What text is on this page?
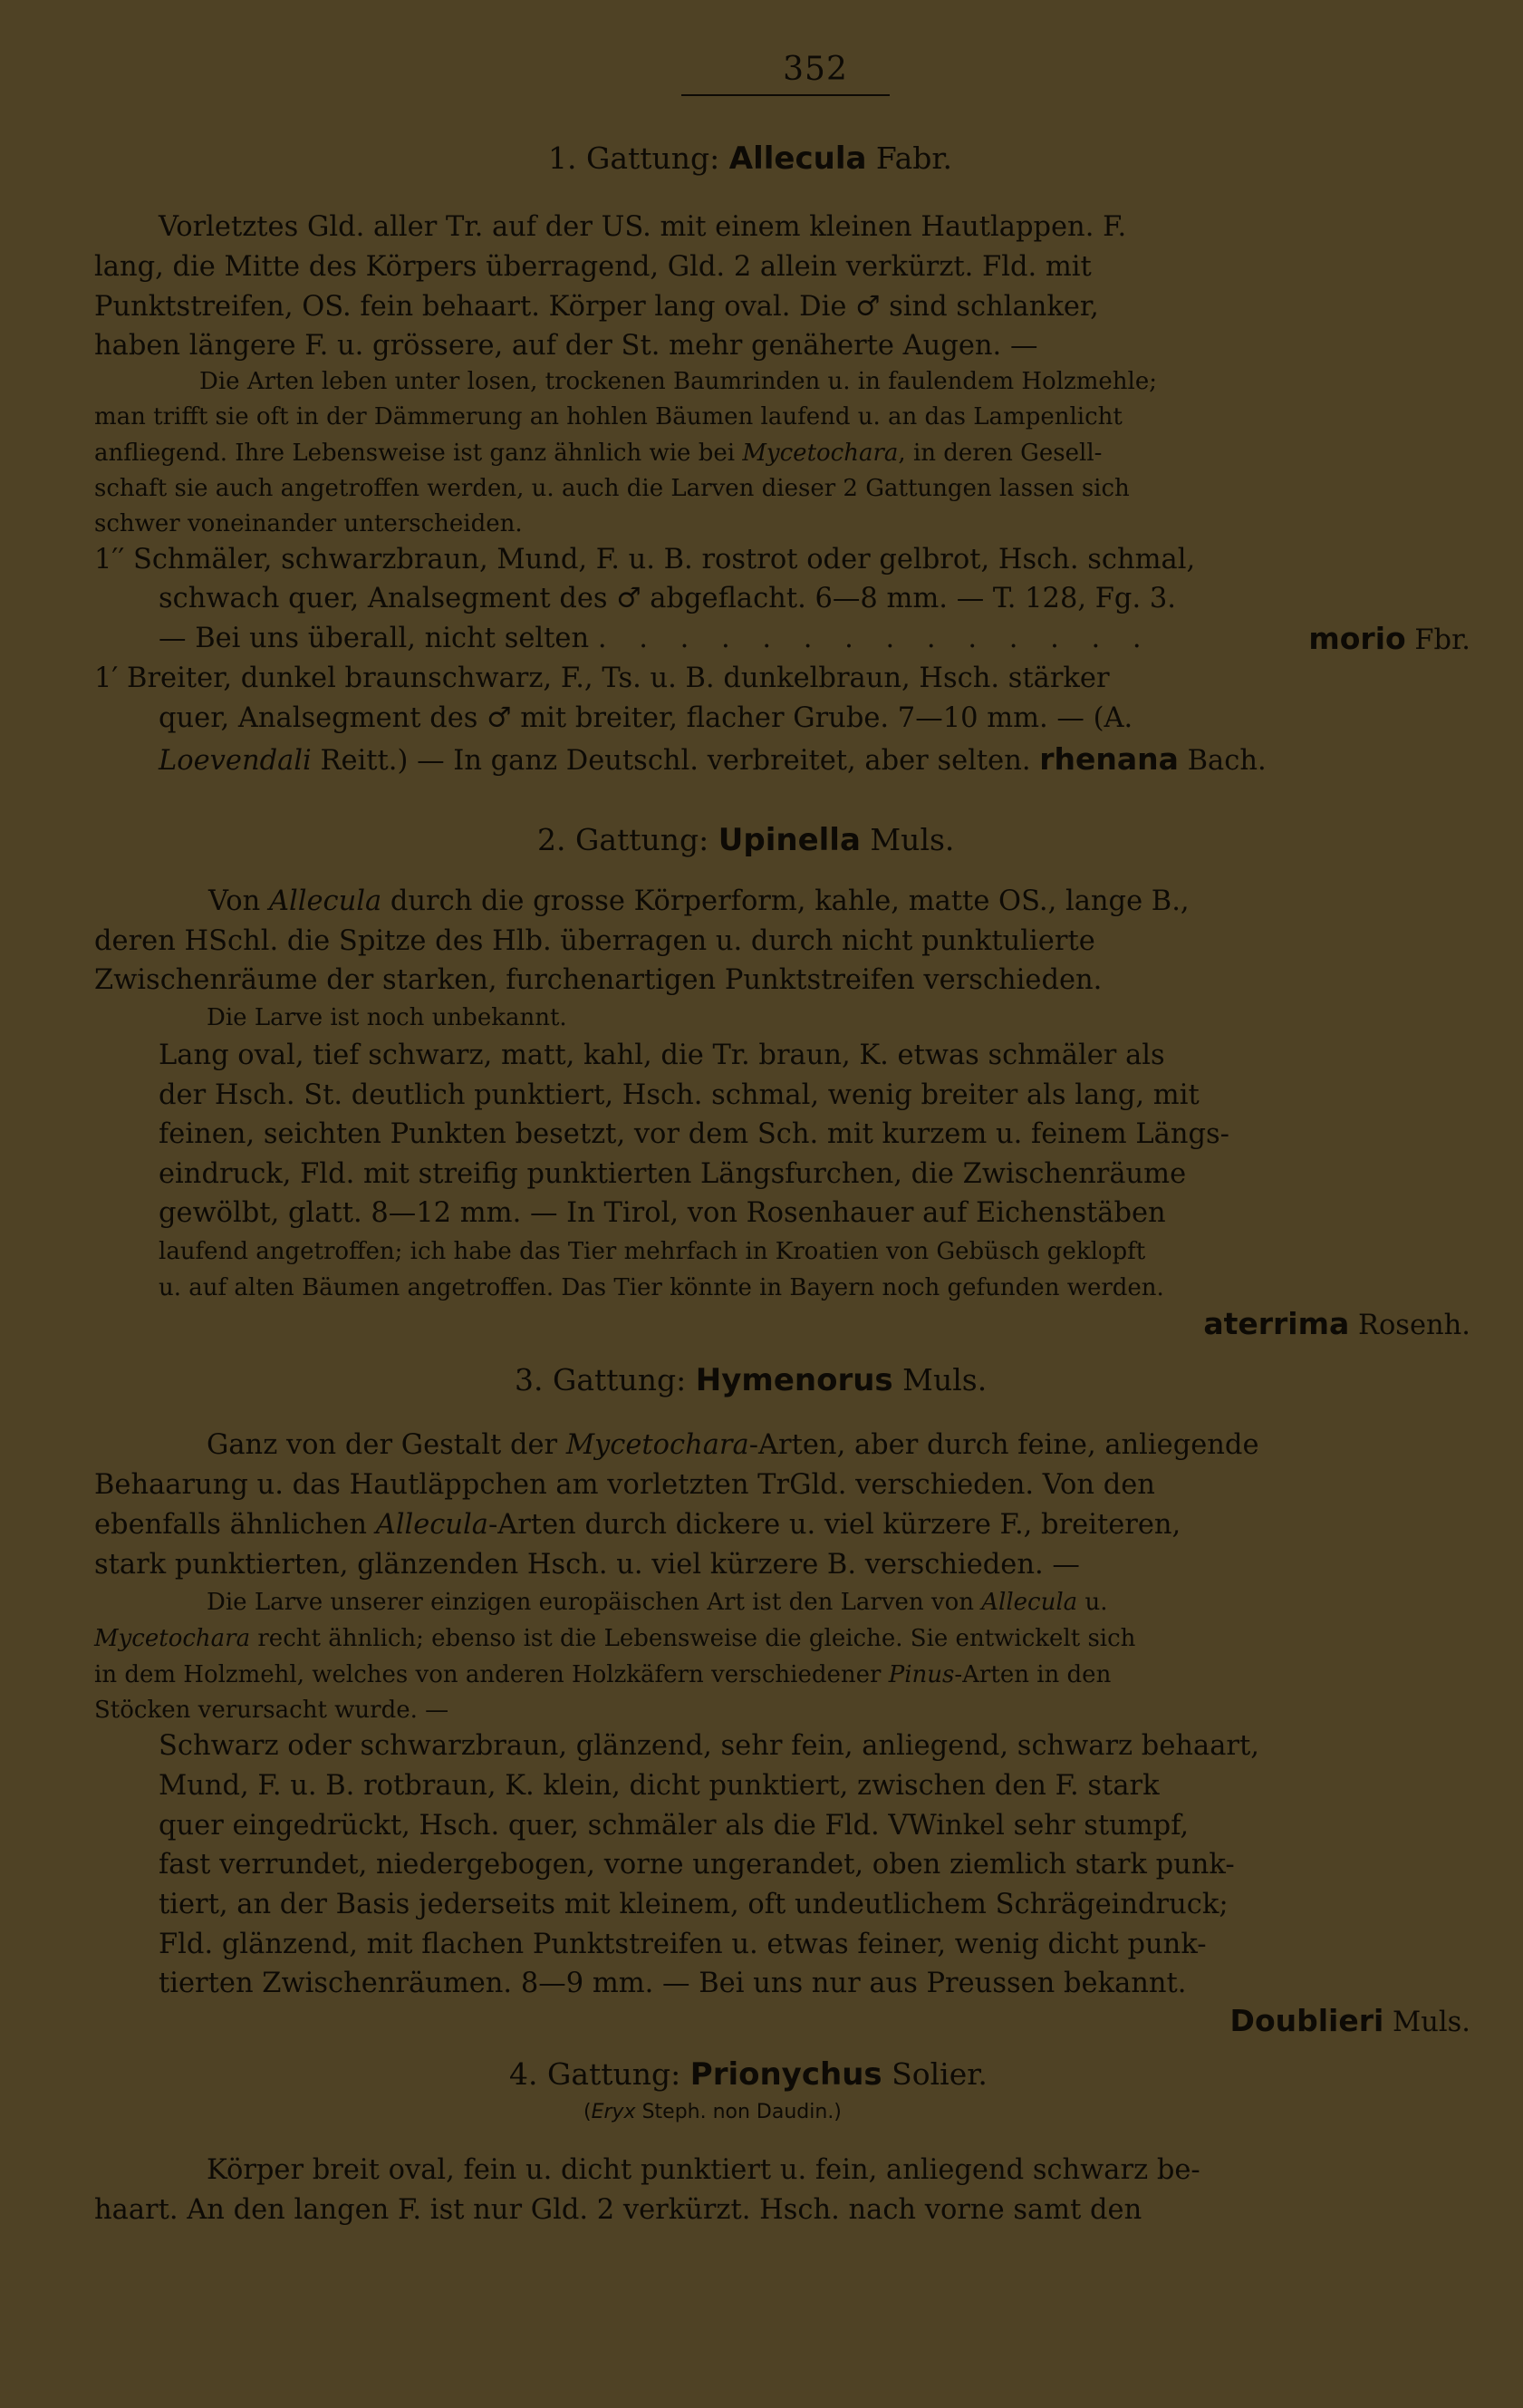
352
1. Gattung: Allecula Fabr.
Vorletztes Gld. aller Tr. auf der US. mit einem kleinen Hautlappen. F.
lang, die Mitte des Körpers überragend, Gld. 2 allein verkürzt. Fld. mit
Punktstreifen, OS. fein behaart. Körper lang oval. Die ♂ sind schlanker,
haben längere F. u. grössere, auf der St. mehr genäherte Augen. —
Die Arten leben unter losen, trockenen Baumrinden u. in faulendem Holzmehle;
man trifft sie oft in der Dämmerung an hohlen Bäumen laufend u. an das Lampenlicht
anfliegend. Ihre Lebensweise ist ganz ähnlich wie bei Mycetochara, in deren Gesell-
schaft sie auch angetroffen werden, u. auch die Larven dieser 2 Gattungen lassen sich
schwer voneinander unterscheiden.
1′′ Schmäler, schwarzbraun, Mund, F. u. B. rostrot oder gelbrot, Hsch. schmal,
schwach quer, Analsegment des ♂ abgeflacht. 6—8 mm. — T. 128, Fg. 3.
— Bei uns überall, nicht selten . . . . . . . . . . . . . .	morio Fbr.
1′ Breiter, dunkel braunschwarz, F., Ts. u. B. dunkelbraun, Hsch. stärker
quer, Analsegment des ♂ mit breiter, flacher Grube. 7—10 mm. — (A.
Loevendali Reitt.) — In ganz Deutschl. verbreitet, aber selten. rhenana Bach.
2. Gattung: Upinella Muls.
Von Allecula durch die grosse Körperform, kahle, matte OS., lange B.,
deren HSchl. die Spitze des Hlb. überragen u. durch nicht punktulierte
Zwischenräume der starken, furchenartigen Punktstreifen verschieden.
Die Larve ist noch unbekannt.
Lang oval, tief schwarz, matt, kahl, die Tr. braun, K. etwas schmäler als
der Hsch. St. deutlich punktiert, Hsch. schmal, wenig breiter als lang, mit
feinen, seichten Punkten besetzt, vor dem Sch. mit kurzem u. feinem Längs-
eindruck, Fld. mit streifig punktierten Längsfurchen, die Zwischenräume
gewölbt, glatt. 8—12 mm. — In Tirol, von Rosenhauer auf Eichenstäben
laufend angetroffen; ich habe das Tier mehrfach in Kroatien von Gebüsch geklopft
u. auf alten Bäumen angetroffen. Das Tier könnte in Bayern noch gefunden werden.
aterrima Rosenh.
3. Gattung: Hymenorus Muls.
Ganz von der Gestalt der Mycetochara-Arten, aber durch feine, anliegende
Behaarung u. das Hautläppchen am vorletzten TrGld. verschieden. Von den
ebenfalls ähnlichen Allecula-Arten durch dickere u. viel kürzere F., breiteren,
stark punktierten, glänzenden Hsch. u. viel kürzere B. verschieden. —
Die Larve unserer einzigen europäischen Art ist den Larven von Allecula u.
Mycetochara recht ähnlich; ebenso ist die Lebensweise die gleiche. Sie entwickelt sich
in dem Holzmehl, welches von anderen Holzkäfern verschiedener Pinus-Arten in den
Stöcken verursacht wurde. —
Schwarz oder schwarzbraun, glänzend, sehr fein, anliegend, schwarz behaart,
Mund, F. u. B. rotbraun, K. klein, dicht punktiert, zwischen den F. stark
quer eingedrückt, Hsch. quer, schmäler als die Fld. VWinkel sehr stumpf,
fast verrundet, niedergebogen, vorne ungerandet, oben ziemlich stark punk-
tiert, an der Basis jederseits mit kleinem, oft undeutlichem Schrägeindruck;
Fld. glänzend, mit flachen Punktstreifen u. etwas feiner, wenig dicht punk-
tierten Zwischenräumen. 8—9 mm. — Bei uns nur aus Preussen bekannt.
Doublieri Muls.
4. Gattung: Prionychus Solier.
(Eryx Steph. non Daudin.)
Körper breit oval, fein u. dicht punktiert u. fein, anliegend schwarz be-
haart. An den langen F. ist nur Gld. 2 verkürzt. Hsch. nach vorne samt den
